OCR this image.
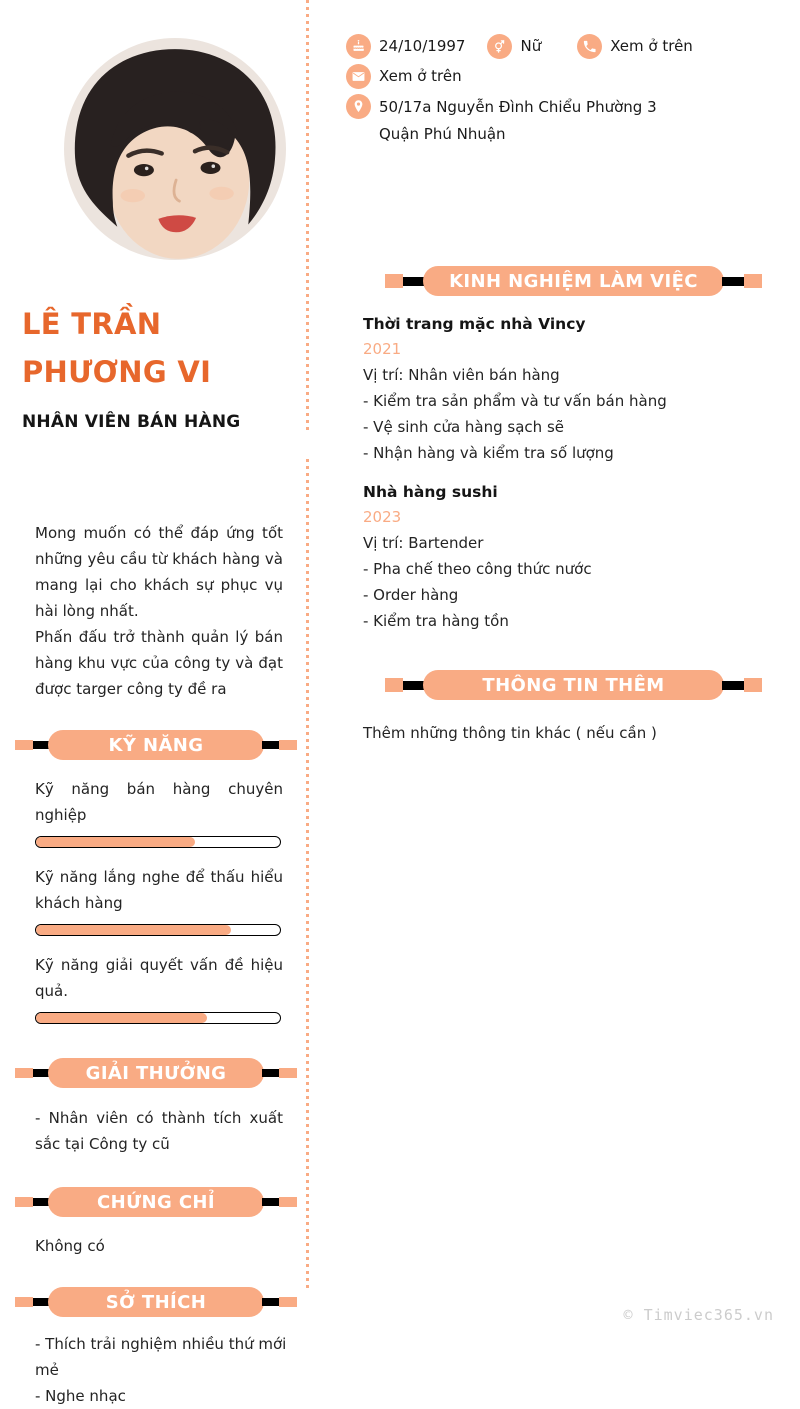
LÊ TRẦN PHƯƠNG VI
NHÂN VIÊN BÁN HÀNG

Mong muốn có thể đáp ứng tốt những yêu cầu từ khách hàng và mang lại cho khách sự phục vụ hài lòng nhất.

Phấn đấu trở thành quản lý bán hàng khu vực của công ty và đạt được targer công ty đề ra

KỸ NĂNG
Kỹ năng bán hàng chuyên nghiệp
Kỹ năng lắng nghe để thấu hiểu khách hàng
Kỹ năng giải quyết vấn đề hiệu quả.
GIẢI THƯỞNG
- Nhân viên có thành tích xuất sắc tại Công ty cũ
CHỨNG CHỈ
Không có
SỞ THÍCH
- Thích trải nghiệm nhiều thứ mới mẻ
- Nghe nhạc
24/10/1997	Nữ	Xem ở trên
Xem ở trên
50/17a Nguyễn Đình Chiểu Phường 3 Quận Phú Nhuận
KINH NGHIỆM LÀM VIỆC
Thời trang mặc nhà Vincy
2021
Vị trí: Nhân viên bán hàng
- Kiểm tra sản phẩm và tư vấn bán hàng
- Vệ sinh cửa hàng sạch sẽ
- Nhận hàng và kiểm tra số lượng
Nhà hàng sushi
2023
Vị trí: Bartender
- Pha chế theo công thức nước
- Order hàng
- Kiểm tra hàng tồn
THÔNG TIN THÊM
Thêm những thông tin khác ( nếu cần )
© Timviec365.vn
